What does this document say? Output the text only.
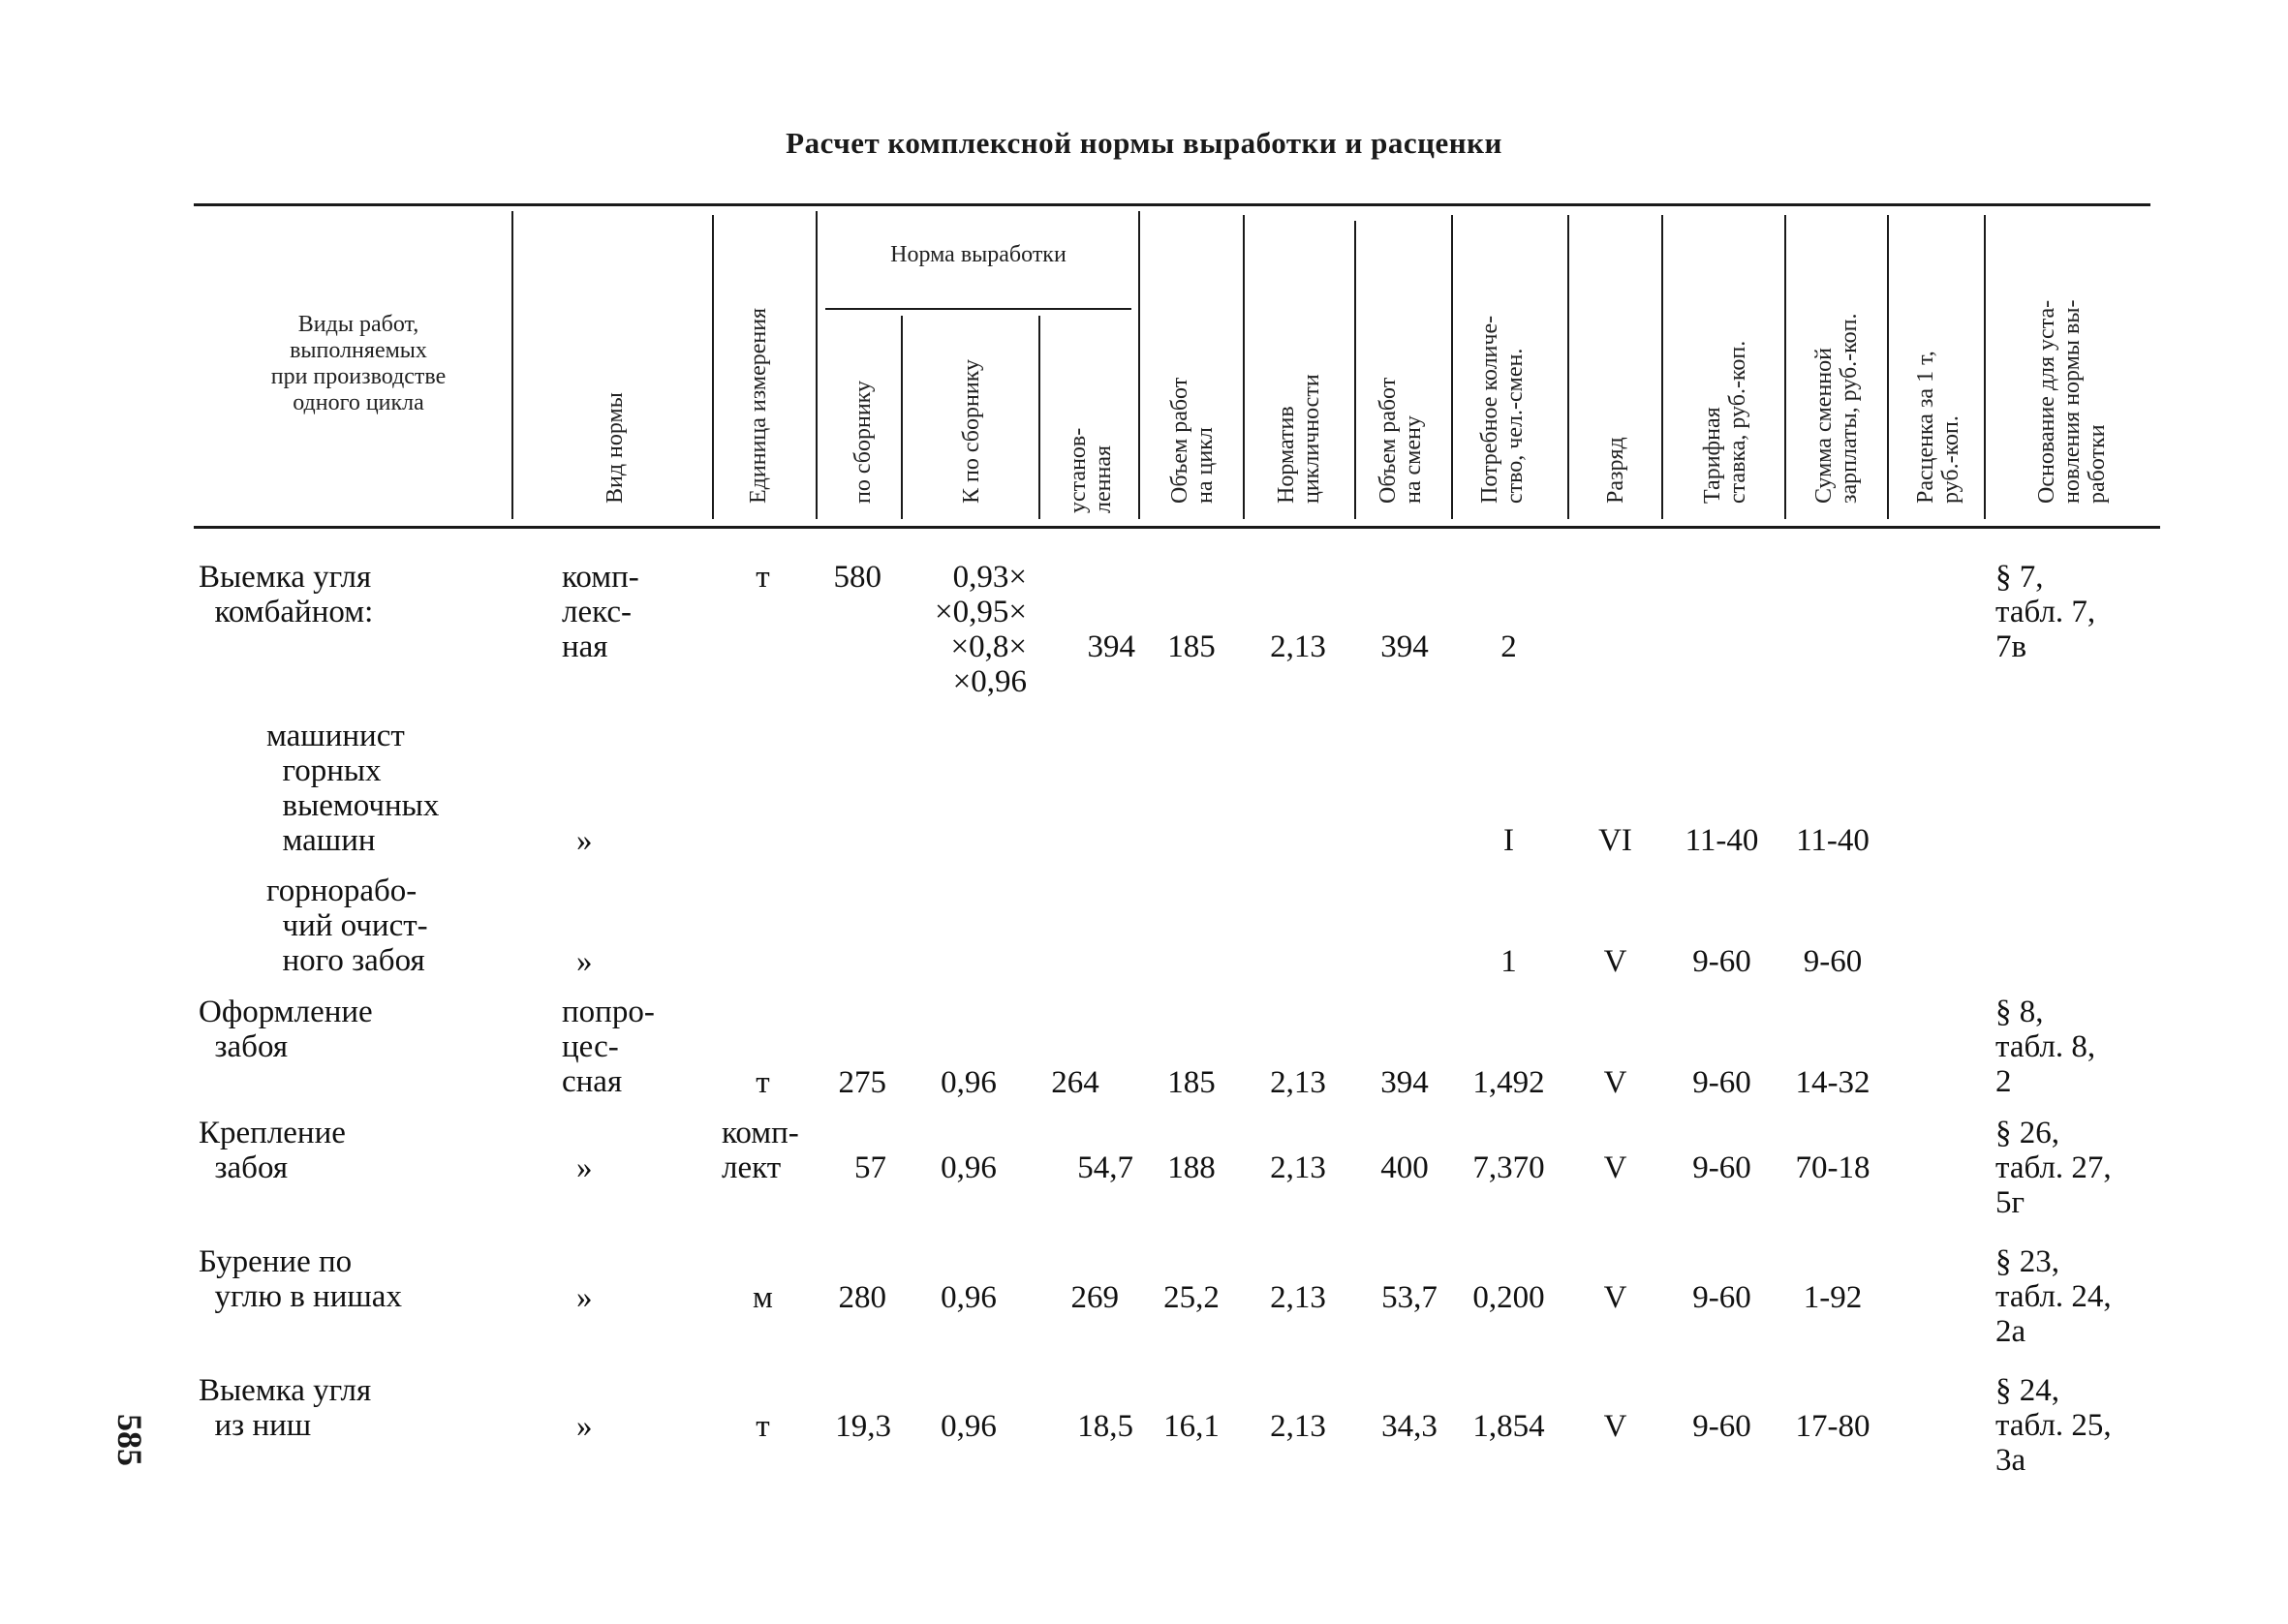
Расчет комплексной нормы выработки и расценки
Виды работ,
выполняемых
при производстве
одного цикла	Вид нормы	Единица измерения
Норма выработки
по сборнику	К по сборнику	установ-
ленная Объем работ
на цикл Норматив
цикличности Объем работ
на смену Потребное количе-
ство, чел.-смен.
Разряд	Тарифная
ставка, руб.-коп.
Сумма сменной
зарплаты, руб.-коп.
Расценка за 1 т,
руб.-коп.	Основание для уста-
новления нормы вы-
работки
Выемка угля
комбайном:
комп-
лекс-
ная
т	580	0,93×
×0,95×
×0,8×
×0,96
394	185	2,13	394	2
§ 7,
табл. 7,
7в
машинист
горных
выемочных
машин	»	I	VI	11-40	11-40
горнорабо-
чий очист-
ного забоя	»	1	V	9-60	9-60
Оформление
забоя
попро-
цес-
сная	т	275	0,96	264	185	2,13	394	1,492	V	9-60	14-32
§ 8,
табл. 8,
2
Крепление
забоя	»
комп-
лект	57	0,96	54,7	188	2,13	400	7,370	V	9-60	70-18
§ 26,
табл. 27,
5г
Бурение по
углю в нишах	»	м	280	0,96	269	25,2	2,13	53,7	0,200	V	9-60	1-92
§ 23,
табл. 24,
2а
Выемка угля
из ниш	»	т	19,3	0,96	18,5 16,1	2,13	34,3	1,854	V	9-60	17-80
§ 24,
табл. 25,
3а
585
